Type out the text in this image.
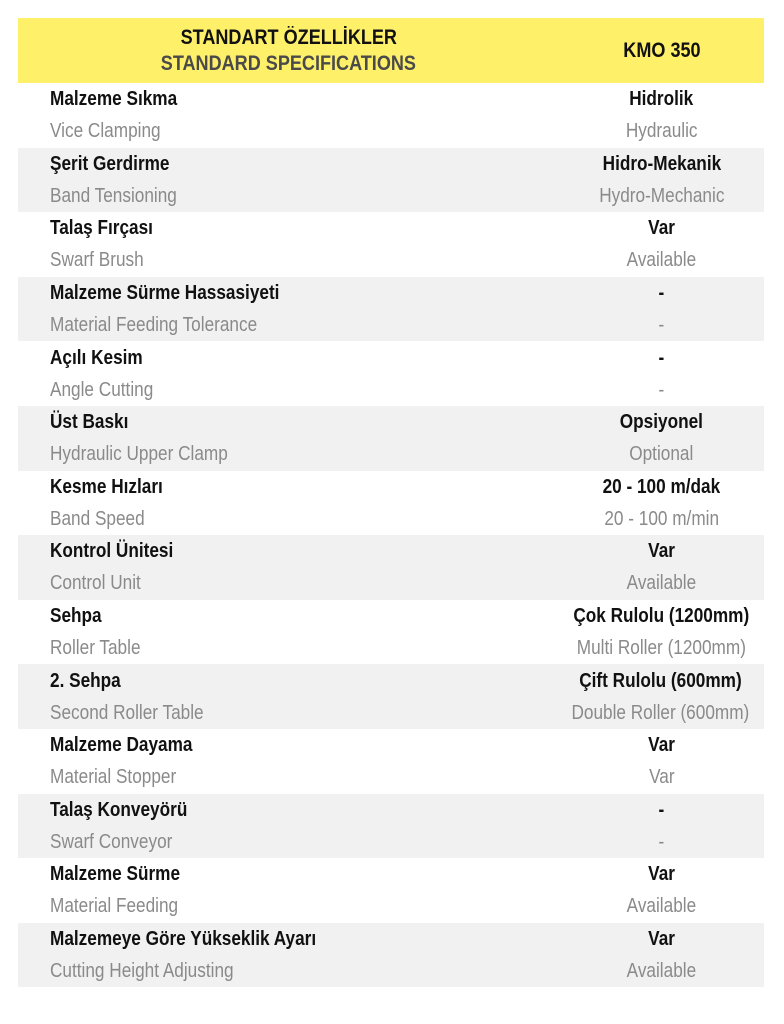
STANDART ÖZELLİKLER
STANDARD SPECIFICATIONS
KMO 350
Malzeme Sıkma
Vice Clamping
Hidrolik
Hydraulic
Şerit Gerdirme
Band Tensioning
Hidro-Mekanik
Hydro-Mechanic
Talaş Fırçası
Swarf Brush
Var
Available
Malzeme Sürme Hassasiyeti
Material Feeding Tolerance
-
-
Açılı Kesim
Angle Cutting
-
-
Üst Baskı
Hydraulic Upper Clamp
Opsiyonel
Optional
Kesme Hızları
Band Speed
20 - 100 m/dak
20 - 100 m/min
Kontrol Ünitesi
Control Unit
Var
Available
Sehpa
Roller Table
Çok Rulolu (1200mm)
Multi Roller (1200mm)
2. Sehpa
Second Roller Table
Çift Rulolu (600mm)
Double Roller (600mm)
Malzeme Dayama
Material Stopper
Var
Var
Talaş Konveyörü
Swarf Conveyor
-
-
Malzeme Sürme
Material Feeding
Var
Available
Malzemeye Göre Yükseklik Ayarı
Cutting Height Adjusting
Var
Available
